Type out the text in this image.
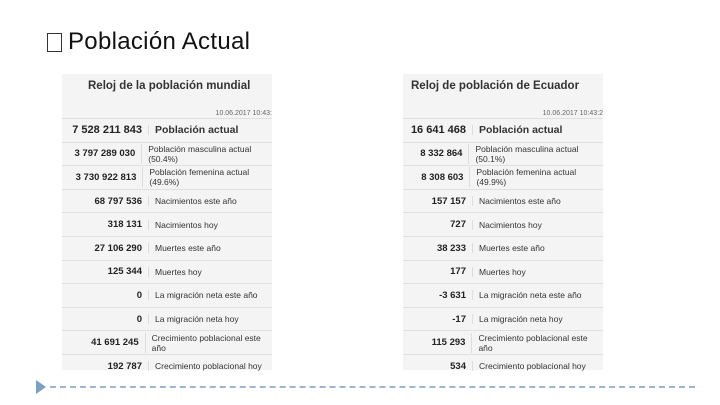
Población Actual
Reloj de la población mundial
10.06.2017 10:43:
7 528 211 843	Población actual
3 797 289 030	Población masculina actual (50.4%)
3 730 922 813	Población femenina actual (49.6%)
68 797 536	Nacimientos este año
318 131	Nacimientos hoy
27 106 290	Muertes este año
125 344	Muertes hoy
0	La migración neta este año
0	La migración neta hoy
41 691 245	Crecimiento poblacional este año
192 787	Crecimiento poblacional hoy
Reloj de población de Ecuador
10.06.2017 10:43:2
16 641 468	Población actual
8 332 864	Población masculina actual (50.1%)
8 308 603	Población femenina actual (49.9%)
157 157	Nacimientos este año
727	Nacimientos hoy
38 233	Muertes este año
177	Muertes hoy
-3 631	La migración neta este año
-17	La migración neta hoy
115 293	Crecimiento poblacional este año
534	Crecimiento poblacional hoy
